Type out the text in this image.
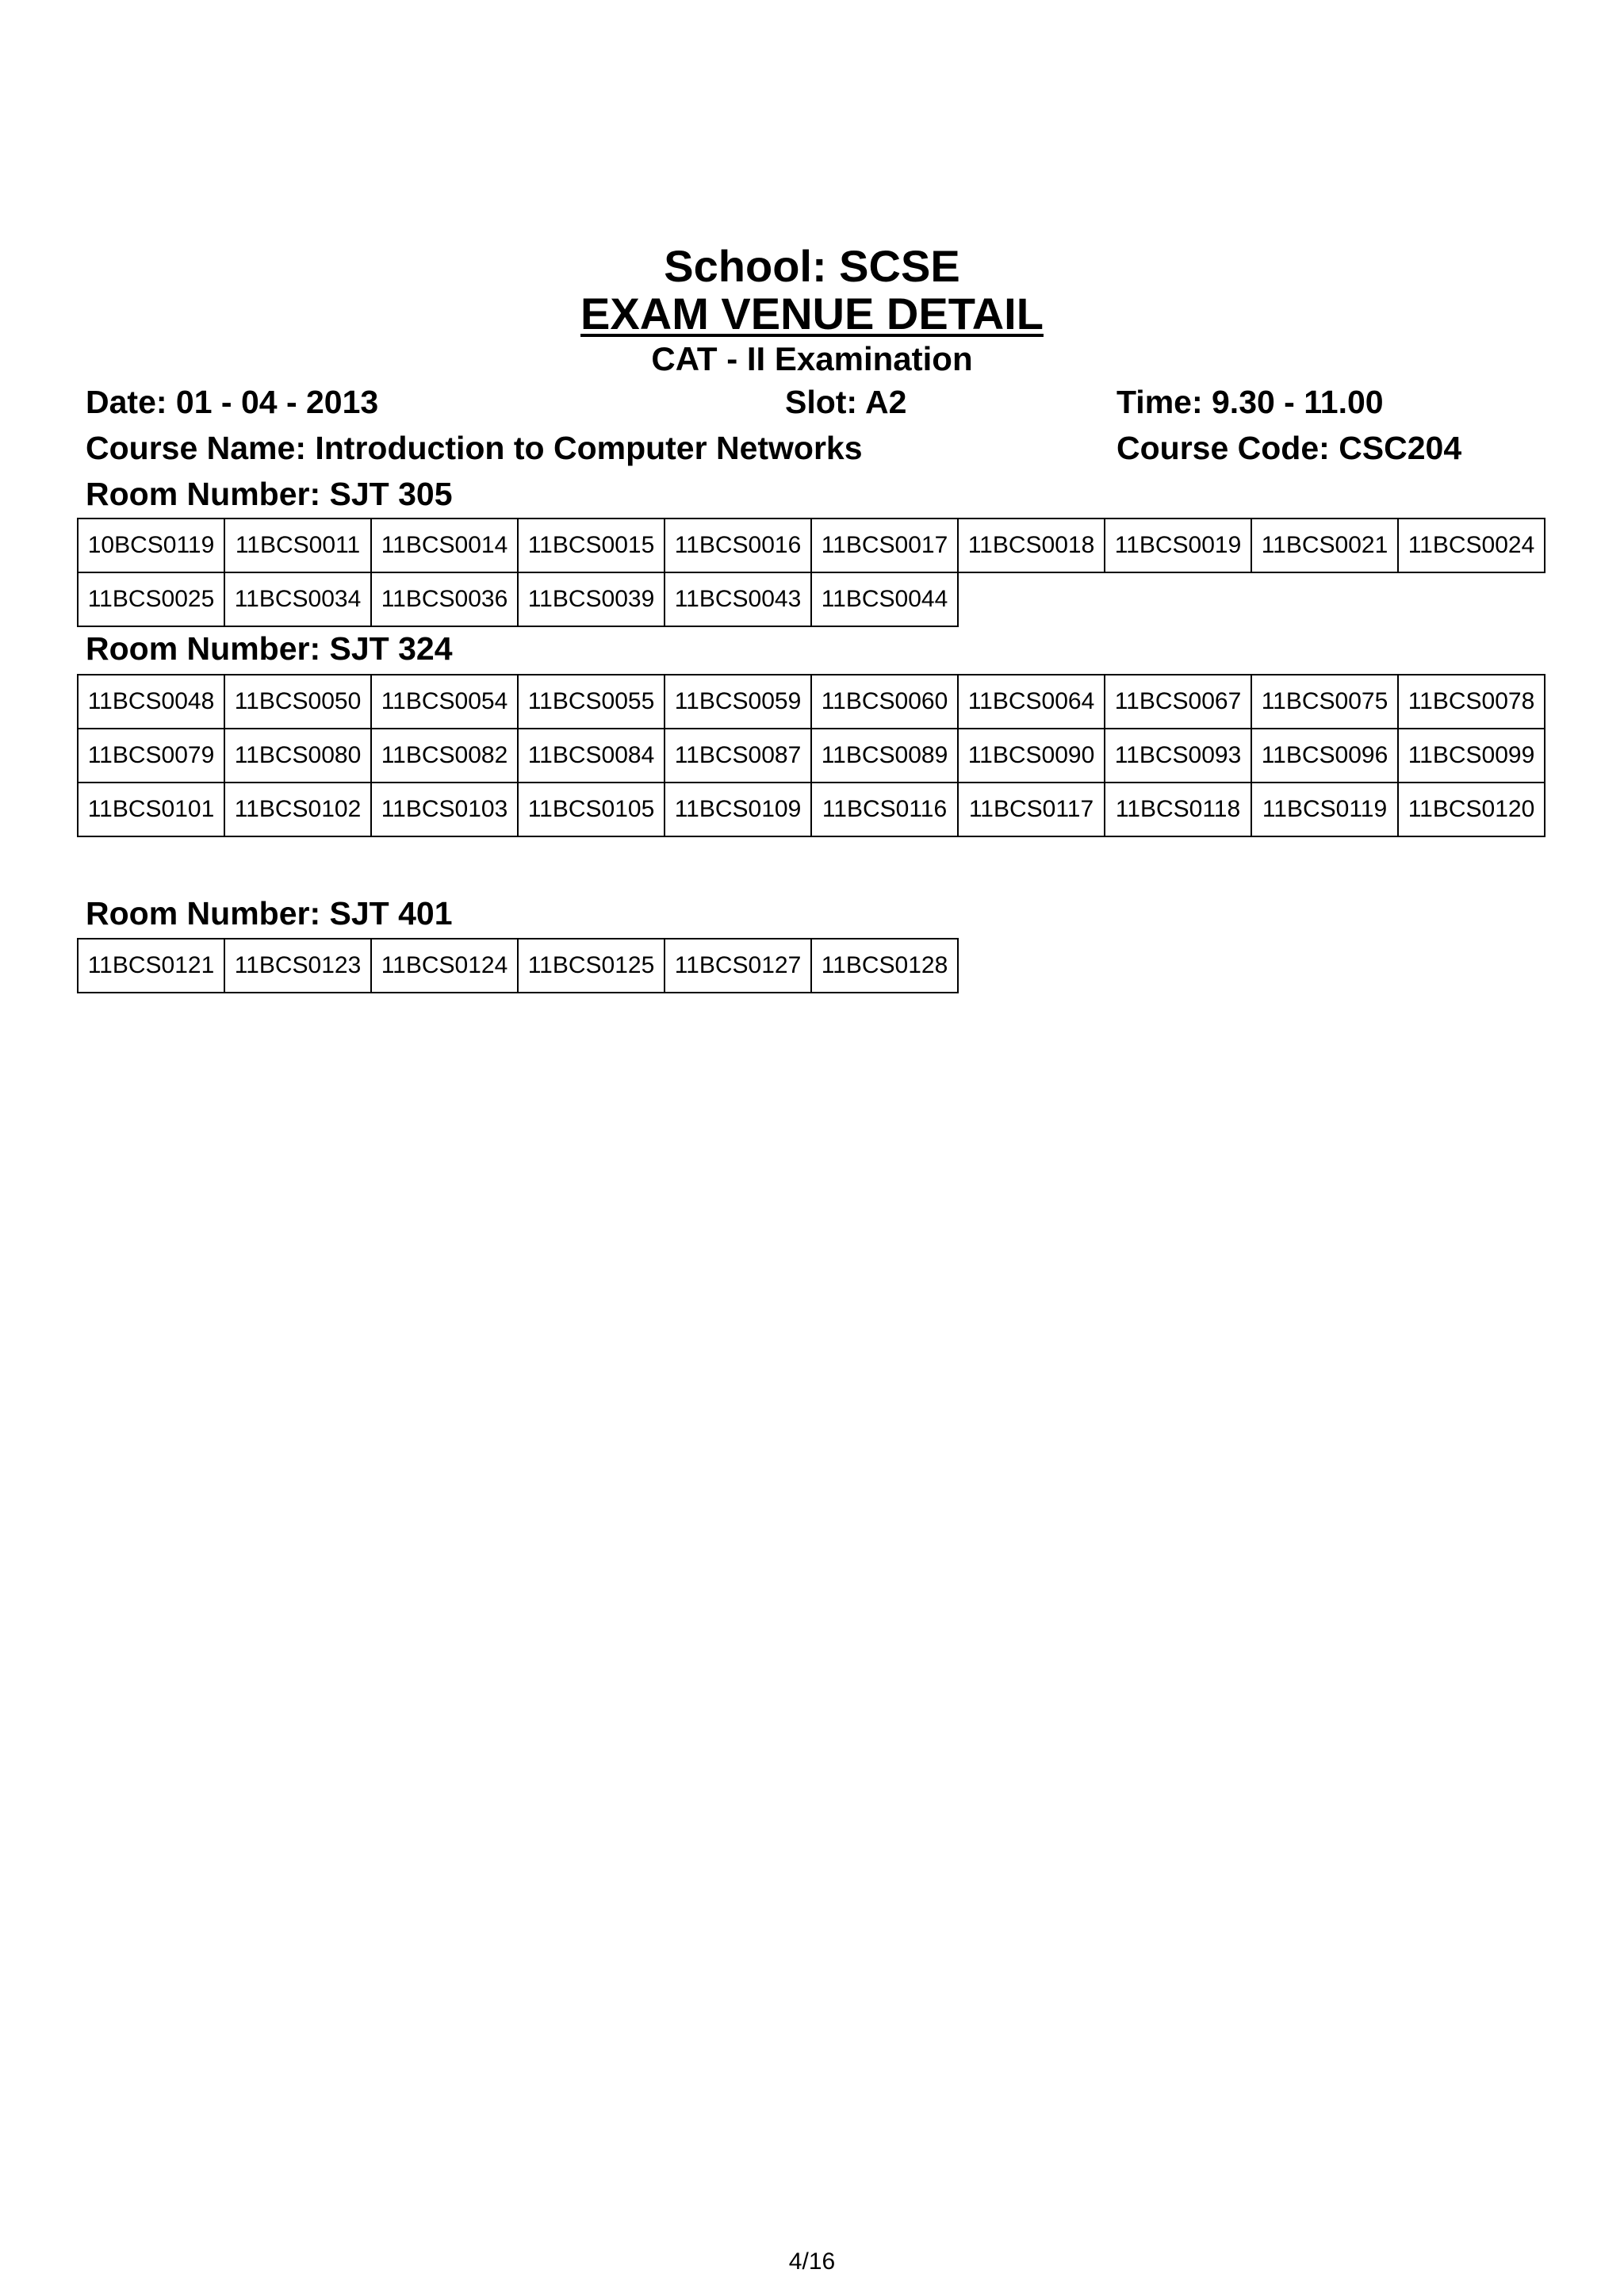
School: SCSE
EXAM VENUE DETAIL
CAT - II Examination
Date: 01 - 04 - 2013	Slot: A2	Time: 9.30 - 11.00
Course Name: Introduction to Computer Networks	Course Code: CSC204
Room Number: SJT 305
10BCS0119	11BCS0011	11BCS0014	11BCS0015	11BCS0016	11BCS0017	11BCS0018	11BCS0019	11BCS0021	11BCS0024
11BCS0025	11BCS0034	11BCS0036	11BCS0039	11BCS0043	11BCS0044
Room Number: SJT 324
11BCS0048	11BCS0050	11BCS0054	11BCS0055	11BCS0059	11BCS0060	11BCS0064	11BCS0067	11BCS0075	11BCS0078
11BCS0079	11BCS0080	11BCS0082	11BCS0084	11BCS0087	11BCS0089	11BCS0090	11BCS0093	11BCS0096	11BCS0099
11BCS0101	11BCS0102	11BCS0103	11BCS0105	11BCS0109	11BCS0116	11BCS0117	11BCS0118	11BCS0119	11BCS0120
Room Number: SJT 401
11BCS0121	11BCS0123	11BCS0124	11BCS0125	11BCS0127	11BCS0128
4/16
